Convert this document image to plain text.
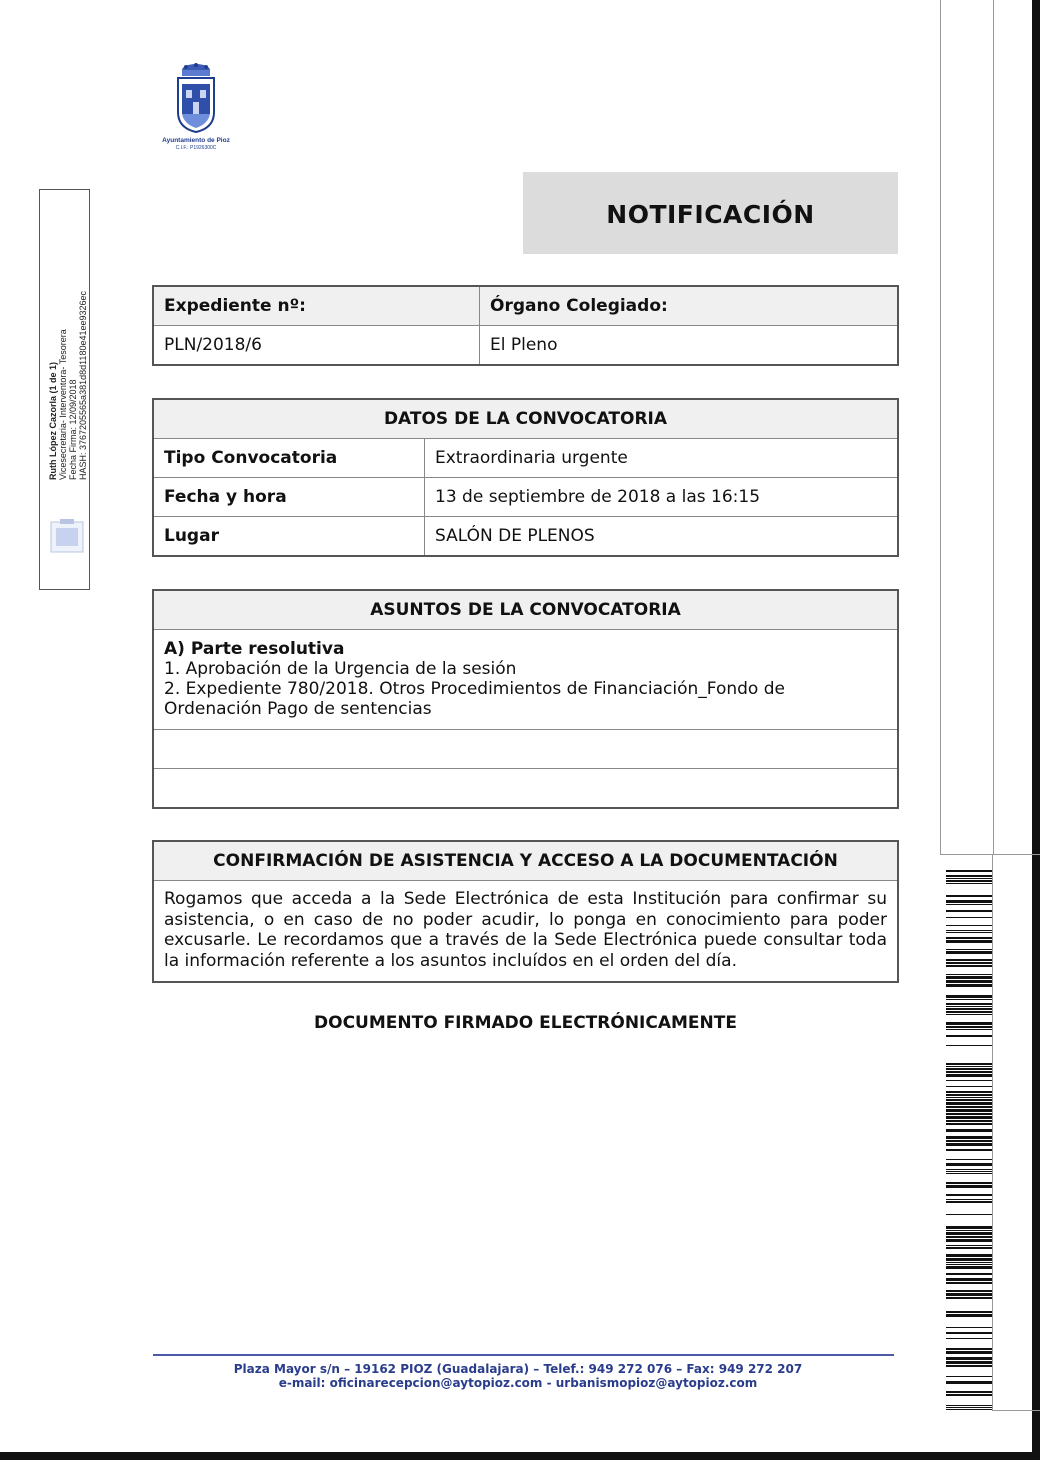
Ayuntamiento de Pioz
C.I.F.: P1926300C
Ruth López Cazorla (1 de 1) Vicesecretaria- Interventora- Tesorera Fecha Firma: 12/09/2018 HASH: 3767205565a381d8d1180e41ee9326ec
NOTIFICACIÓN
Expediente nº:	Órgano Colegiado:
PLN/2018/6	El Pleno
DATOS DE LA CONVOCATORIA	
Tipo Convocatoria	Extraordinaria urgente
Fecha y hora	13 de septiembre de 2018 a las 16:15
Lugar	SALÓN DE PLENOS
ASUNTOS DE LA CONVOCATORIA

A) Parte resolutiva
1. Aprobación de la Urgencia de la sesión
2. Expediente 780/2018. Otros Procedimientos de Financiación_Fondo de Ordenación Pago de sentencias

CONFIRMACIÓN DE ASISTENCIA Y ACCESO A LA DOCUMENTACIÓN
Rogamos que acceda a la Sede Electrónica de esta Institución para confirmar su asistencia, o en caso de no poder acudir, lo ponga en conocimiento para poder excusarle. Le recordamos que a través de la Sede Electrónica puede consultar toda la información referente a los asuntos incluídos en el orden del día.
DOCUMENTO FIRMADO ELECTRÓNICAMENTE
Plaza Mayor s/n – 19162 PIOZ (Guadalajara) – Telef.: 949 272 076 – Fax: 949 272 207
e-mail: oficinarecepcion@aytopioz.com - urbanismopioz@aytopioz.com
